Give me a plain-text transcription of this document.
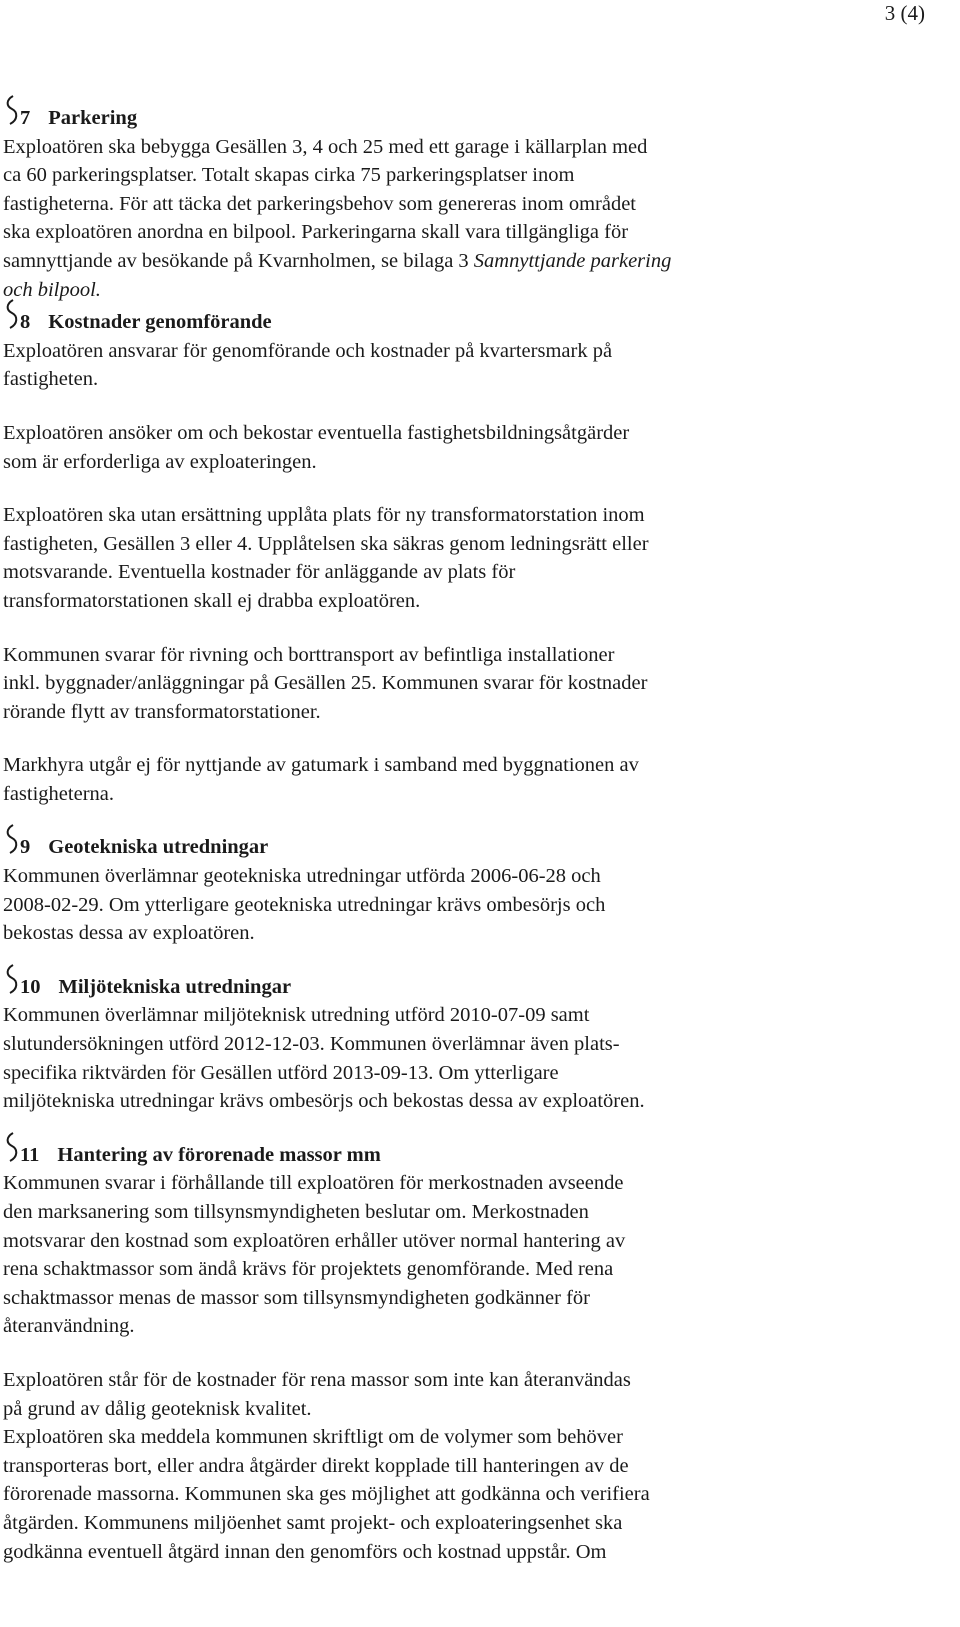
3 (4)
7 Parkering
Exploatören ska bebygga Gesällen 3, 4 och 25 med ett garage i källarplan med
ca 60 parkeringsplatser. Totalt skapas cirka 75 parkeringsplatser inom
fastigheterna. För att täcka det parkeringsbehov som genereras inom området
ska exploatören anordna en bilpool. Parkeringarna skall vara tillgängliga för
samnyttjande av besökande på Kvarnholmen, se bilaga 3 Samnyttjande parkering
och bilpool.
8 Kostnader genomförande
Exploatören ansvarar för genomförande och kostnader på kvartersmark på
fastigheten.
Exploatören ansöker om och bekostar eventuella fastighetsbildningsåtgärder
som är erforderliga av exploateringen.
Exploatören ska utan ersättning upplåta plats för ny transformatorstation inom
fastigheten, Gesällen 3 eller 4. Upplåtelsen ska säkras genom ledningsrätt eller
motsvarande. Eventuella kostnader för anläggande av plats för
transformatorstationen skall ej drabba exploatören.
Kommunen svarar för rivning och borttransport av befintliga installationer
inkl. byggnader/anläggningar på Gesällen 25. Kommunen svarar för kostnader
rörande flytt av transformatorstationer.
Markhyra utgår ej för nyttjande av gatumark i samband med byggnationen av
fastigheterna.
9 Geotekniska utredningar
Kommunen överlämnar geotekniska utredningar utförda 2006-06-28 och
2008-02-29. Om ytterligare geotekniska utredningar krävs ombesörjs och
bekostas dessa av exploatören.
10 Miljötekniska utredningar
Kommunen överlämnar miljöteknisk utredning utförd 2010-07-09 samt
slutundersökningen utförd 2012-12-03. Kommunen överlämnar även plats-
specifika riktvärden för Gesällen utförd 2013-09-13. Om ytterligare
miljötekniska utredningar krävs ombesörjs och bekostas dessa av exploatören.
11 Hantering av förorenade massor mm
Kommunen svarar i förhållande till exploatören för merkostnaden avseende
den marksanering som tillsynsmyndigheten beslutar om. Merkostnaden
motsvarar den kostnad som exploatören erhåller utöver normal hantering av
rena schaktmassor som ändå krävs för projektets genomförande. Med rena
schaktmassor menas de massor som tillsynsmyndigheten godkänner för
återanvändning.
Exploatören står för de kostnader för rena massor som inte kan återanvändas
på grund av dålig geoteknisk kvalitet.
Exploatören ska meddela kommunen skriftligt om de volymer som behöver
transporteras bort, eller andra åtgärder direkt kopplade till hanteringen av de
förorenade massorna. Kommunen ska ges möjlighet att godkänna och verifiera
åtgärden. Kommunens miljöenhet samt projekt- och exploateringsenhet ska
godkänna eventuell åtgärd innan den genomförs och kostnad uppstår. Om
